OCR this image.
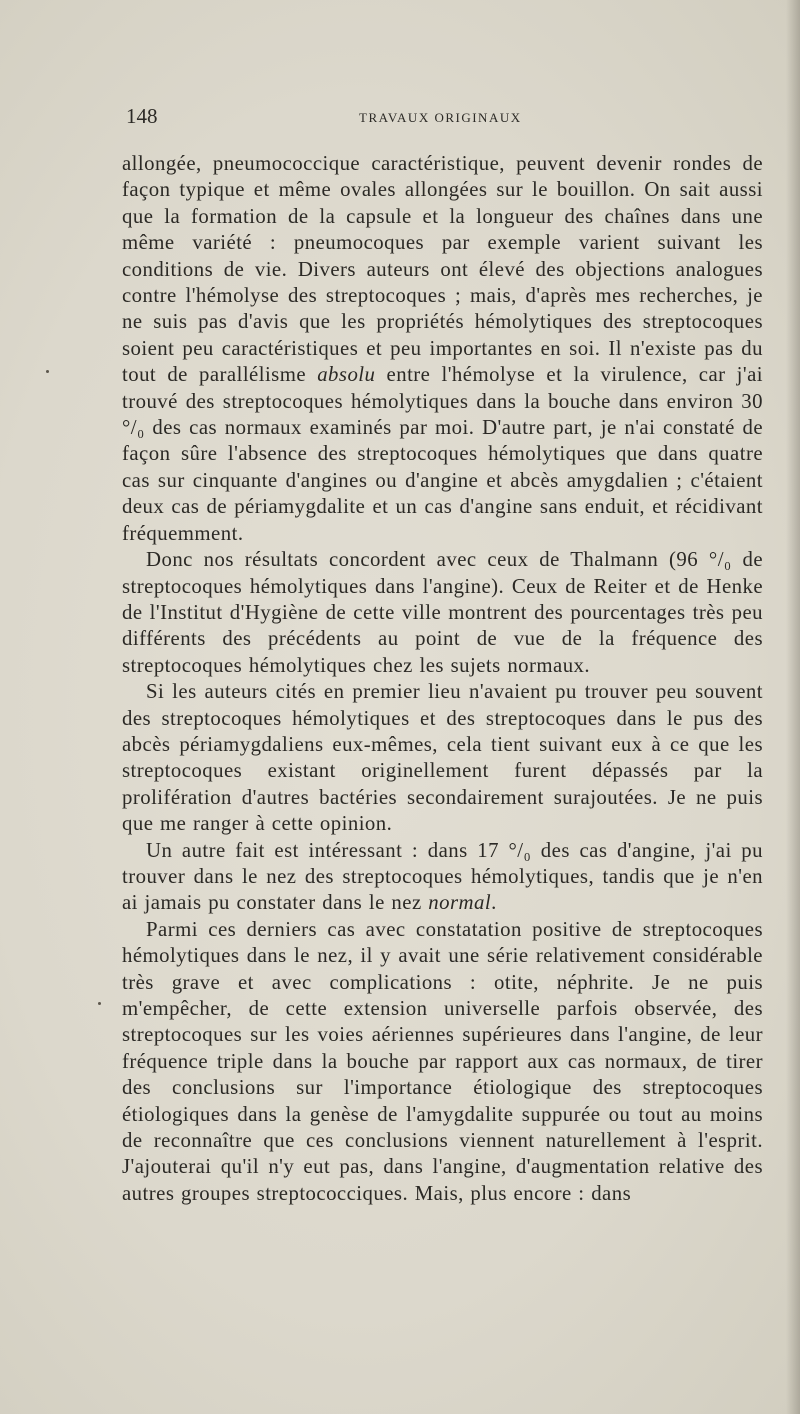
148	TRAVAUX ORIGINAUX

allongée, pneumococcique caractéristique, peuvent devenir rondes de façon typique et même ovales allongées sur le bouillon. On sait aussi que la formation de la capsule et la longueur des chaînes dans une même variété : pneumocoques par exemple varient suivant les conditions de vie. Divers auteurs ont élevé des objections analogues contre l'hémolyse des streptocoques ; mais, d'après mes recherches, je ne suis pas d'avis que les propriétés hémolytiques des streptocoques soient peu caractéristiques et peu importantes en soi. Il n'existe pas du tout de parallélisme absolu entre l'hémolyse et la virulence, car j'ai trouvé des streptocoques hémolytiques dans la bouche dans environ 30 °/₀ des cas normaux examinés par moi. D'autre part, je n'ai constaté de façon sûre l'absence des streptocoques hémolytiques que dans quatre cas sur cinquante d'angines ou d'angine et abcès amygdalien ; c'étaient deux cas de périamygdalite et un cas d'angine sans enduit, et récidivant fréquemment.

Donc nos résultats concordent avec ceux de Thalmann (96 °/₀ de streptocoques hémolytiques dans l'angine). Ceux de Reiter et de Henke de l'Institut d'Hygiène de cette ville montrent des pourcentages très peu différents des précédents au point de vue de la fréquence des streptocoques hémolytiques chez les sujets normaux.

Si les auteurs cités en premier lieu n'avaient pu trouver peu souvent des streptocoques hémolytiques et des streptocoques dans le pus des abcès périamygdaliens eux-mêmes, cela tient suivant eux à ce que les streptocoques existant originellement furent dépassés par la prolifération d'autres bactéries secondairement surajoutées. Je ne puis que me ranger à cette opinion.

Un autre fait est intéressant : dans 17 °/₀ des cas d'angine, j'ai pu trouver dans le nez des streptocoques hémolytiques, tandis que je n'en ai jamais pu constater dans le nez normal.

Parmi ces derniers cas avec constatation positive de streptocoques hémolytiques dans le nez, il y avait une série relativement considérable très grave et avec complications : otite, néphrite. Je ne puis m'empêcher, de cette extension universelle parfois observée, des streptocoques sur les voies aériennes supérieures dans l'angine, de leur fréquence triple dans la bouche par rapport aux cas normaux, de tirer des conclusions sur l'importance étiologique des streptocoques étiologiques dans la genèse de l'amygdalite suppurée ou tout au moins de reconnaître que ces conclusions viennent naturellement à l'esprit. J'ajouterai qu'il n'y eut pas, dans l'angine, d'augmentation relative des autres groupes streptococciques. Mais, plus encore : dans
